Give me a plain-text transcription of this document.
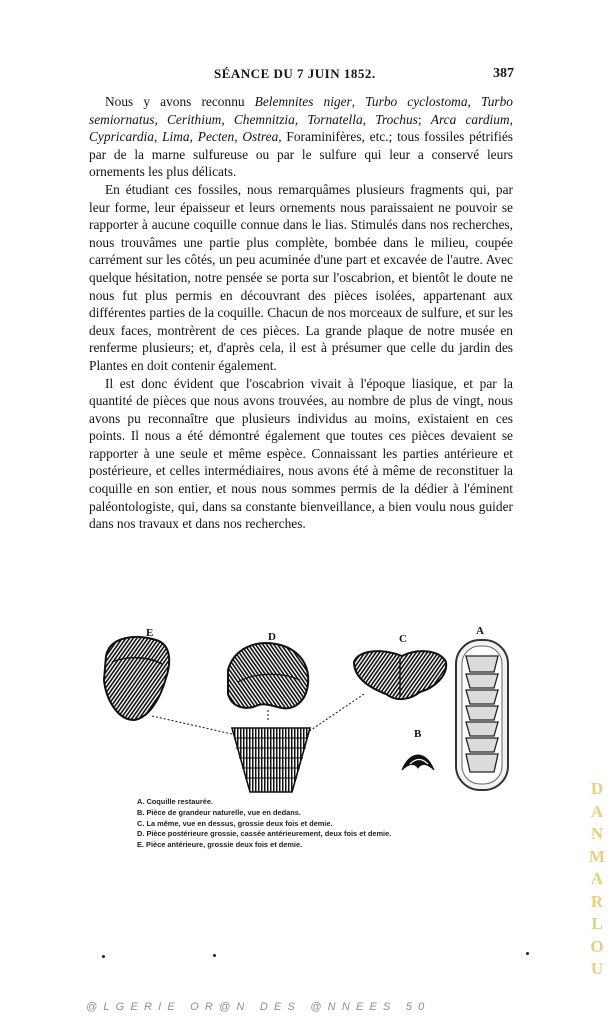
SÉANCE DU 7 JUIN 1852.	387

Nous y avons reconnu Belemnites niger, Turbo cyclostoma, Turbo semiornatus, Cerithium, Chemnitzia, Tornatella, Trochus; Arca cardium, Cypricardia, Lima, Pecten, Ostrea, Foraminifères, etc.; tous fossiles pétrifiés par de la marne sulfureuse ou par le sulfure qui leur a conservé leurs ornements les plus délicats.

En étudiant ces fossiles, nous remarquâmes plusieurs fragments qui, par leur forme, leur épaisseur et leurs ornements nous paraissaient ne pouvoir se rapporter à aucune coquille connue dans le lias. Stimulés dans nos recherches, nous trouvâmes une partie plus complète, bombée dans le milieu, coupée carrément sur les côtés, un peu acuminée d'une part et excavée de l'autre. Avec quelque hésitation, notre pensée se porta sur l'oscabrion, et bientôt le doute ne nous fut plus permis en découvrant des pièces isolées, appartenant aux différentes parties de la coquille. Chacun de nos morceaux de sulfure, et sur les deux faces, montrèrent de ces pièces. La grande plaque de notre musée en renferme plusieurs; et, d'après cela, il est à présumer que celle du jardin des Plantes en doit contenir également.

Il est donc évident que l'oscabrion vivait à l'époque liasique, et par la quantité de pièces que nous avons trouvées, au nombre de plus de vingt, nous avons pu reconnaître que plusieurs individus au moins, existaient en ces points. Il nous a été démontré également que toutes ces pièces devaient se rapporter à une seule et même espèce. Connaissant les parties antérieure et postérieure, et celles intermédiaires, nous avons été à même de reconstituer la coquille en son entier, et nous nous sommes permis de la dédier à l'éminent paléontologiste, qui, dans sa constante bienveillance, a bien voulu nous guider dans nos travaux et dans nos recherches.

E	D	C
A
B
A. Coquille restaurée.
B. Pièce de grandeur naturelle, vue en dedans.
C. La même, vue en dessus, grossie deux fois et demie.
D. Pièce postérieure grossie, cassée antérieurement, deux fois et demie.
E. Pièce antérieure, grossie deux fois et demie.
D
A
N
M
A
R
L
O
U
@LGERIE OR@N DES @NNEES 50
